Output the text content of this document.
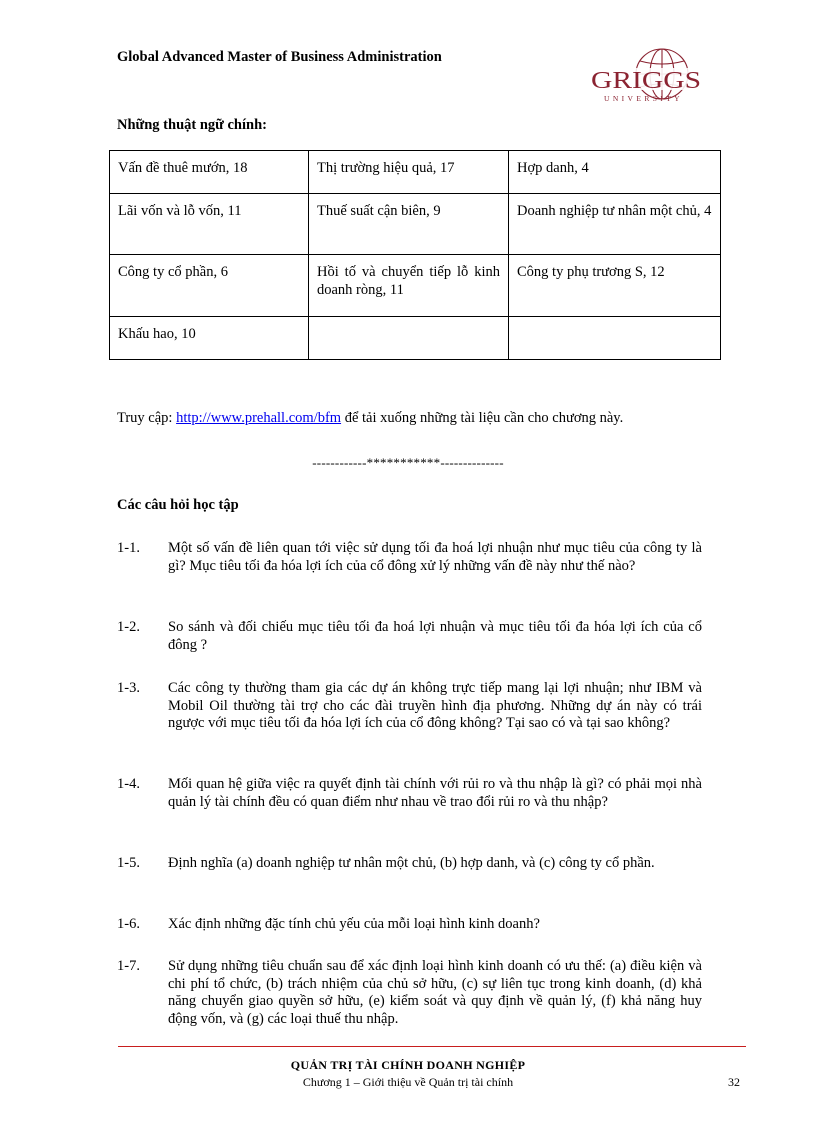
Global Advanced Master of Business Administration
GRIGGS
UNIVERSITY
Những thuật ngữ chính:
Vấn đề thuê mướn, 18	Thị trường hiệu quả, 17	Hợp danh, 4
Lãi vốn và lỗ vốn, 11	Thuế suất cận biên, 9	Doanh nghiệp tư nhân một chủ, 4
Công ty cổ phần, 6	Hồi tố và chuyển tiếp lỗ kinh doanh ròng, 11	Công ty phụ trương S, 12
Khấu hao, 10		
Truy cập: http://www.prehall.com/bfm để tải xuống những tài liệu cần cho chương này.
------------***********--------------
Các câu hỏi học tập
1-1. Một số vấn đề liên quan tới việc sử dụng tối đa hoá lợi nhuận như mục tiêu của công ty là gì? Mục tiêu tối đa hóa lợi ích của cổ đông xử lý những vấn đề này như thế nào?
1-2. So sánh và đối chiếu mục tiêu tối đa hoá lợi nhuận và mục tiêu tối đa hóa lợi ích của cổ đông ?
1-3. Các công ty thường tham gia các dự án không trực tiếp mang lại lợi nhuận; như IBM và Mobil Oil thường tài trợ cho các đài truyền hình địa phương. Những dự án này có trái ngược với mục tiêu tối đa hóa lợi ích của cổ đông không? Tại sao có và tại sao không?
1-4. Mối quan hệ giữa việc ra quyết định tài chính với rủi ro và thu nhập là gì? có phải mọi nhà quản lý tài chính đều có quan điểm như nhau về trao đổi rủi ro và thu nhập?
1-5. Định nghĩa (a) doanh nghiệp tư nhân một chủ, (b) hợp danh, và (c) công ty cổ phần.
1-6. Xác định những đặc tính chủ yếu của mỗi loại hình kinh doanh?
1-7. Sử dụng những tiêu chuẩn sau để xác định loại hình kinh doanh có ưu thế: (a) điều kiện và chi phí tổ chức, (b) trách nhiệm của chủ sở hữu, (c) sự liên tục trong kinh doanh, (d) khả năng chuyển giao quyền sở hữu, (e) kiểm soát và quy định về quản lý, (f) khả năng huy động vốn, và (g) các loại thuế thu nhập.
QUẢN TRỊ TÀI CHÍNH DOANH NGHIỆP
Chương 1 – Giới thiệu về Quản trị tài chính	32
